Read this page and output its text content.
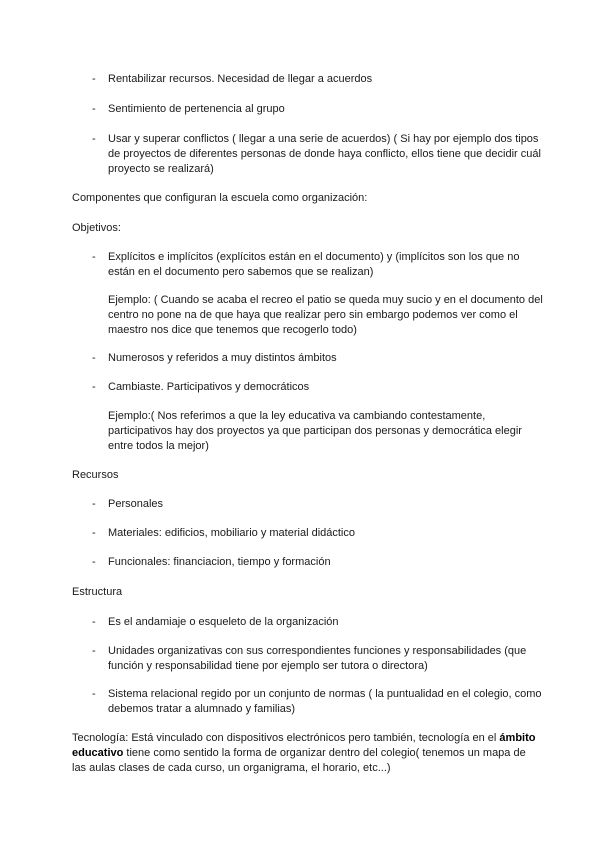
-	Rentabilizar recursos. Necesidad de llegar a acuerdos
-	Sentimiento de pertenencia al grupo
-	Usar y superar conflictos ( llegar a una serie de acuerdos) ( Si hay por ejemplo dos tipos de proyectos de diferentes personas de donde haya conflicto, ellos tiene que decidir cuál proyecto se realizará)
Componentes que configuran la escuela como organización:
Objetivos:
-	Explícitos e implícitos (explícitos están en el documento) y (implícitos son los que no están en el documento pero sabemos que se realizan)
Ejemplo: ( Cuando se acaba el recreo el patio se queda muy sucio y en el documento del centro no pone na de que haya que realizar pero sin embargo podemos ver como el maestro nos dice que tenemos que recogerlo todo)
-	Numerosos y referidos a muy distintos ámbitos
-	Cambiaste. Participativos y democráticos
Ejemplo:( Nos referimos a que la ley educativa va cambiando contestamente, participativos hay dos proyectos ya que participan dos personas y democrática elegir entre todos la mejor)
Recursos
-	Personales
-	Materiales: edificios, mobiliario y material didáctico
-	Funcionales: financiacion, tiempo y formación
Estructura
-	Es el andamiaje o esqueleto de la organización
-	Unidades organizativas con sus correspondientes funciones y responsabilidades (que función y responsabilidad tiene por ejemplo ser tutora o directora)
-	Sistema relacional regido por un conjunto de normas ( la puntualidad en el colegio, como debemos tratar a alumnado y familias)
Tecnología: Está vinculado con dispositivos electrónicos pero también, tecnología en el ámbito educativo tiene como sentido la forma de organizar dentro del colegio( tenemos un mapa de las aulas clases de cada curso, un organigrama, el horario, etc...)
